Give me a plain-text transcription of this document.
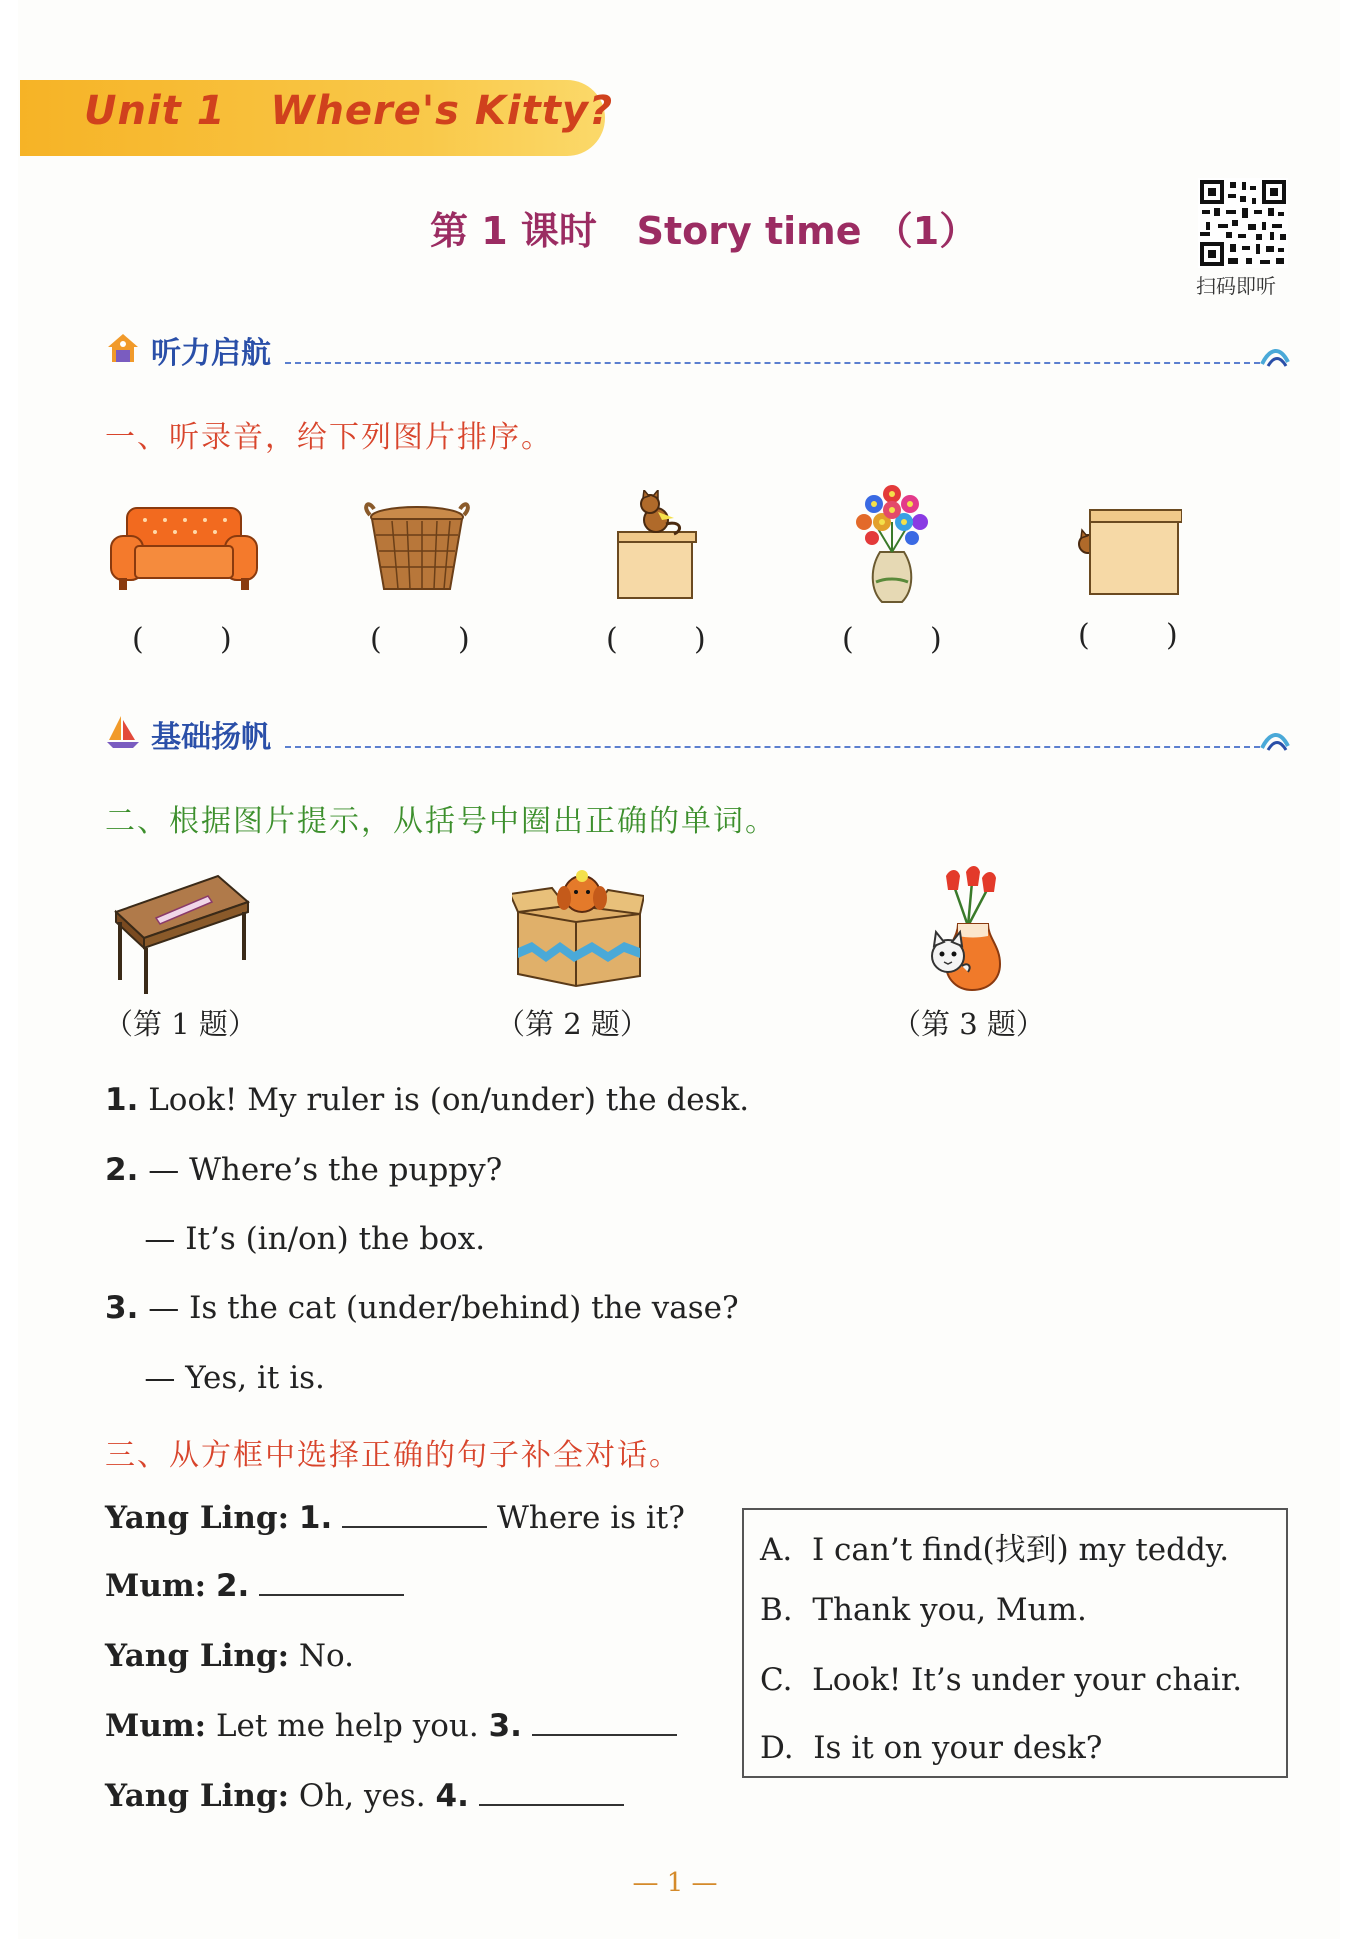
Unit 1   Where's Kitty?
第 1 课时   Story time （1）
扫码即听
听力启航
一、听录音，给下列图片排序。
(        )	(        )	(        )	(        )	(        )
基础扬帆
二、根据图片提示，从括号中圈出正确的单词。
（第 1 题）	（第 2 题）	（第 3 题）
1. Look! My ruler is (on/under) the desk.
2. — Where’s the puppy?
— It’s (in/on) the box.
3. — Is the cat (under/behind) the vase?
— Yes, it is.
三、从方框中选择正确的句子补全对话。
Yang Ling: 1.	Where is it?
Mum: 2.
Yang Ling: No.
Mum: Let me help you. 3.
Yang Ling: Oh, yes. 4.
A.  I can’t find(找到) my teddy.
B.  Thank you, Mum.
C.  Look! It’s under your chair.
D.  Is it on your desk?
— 1 —
